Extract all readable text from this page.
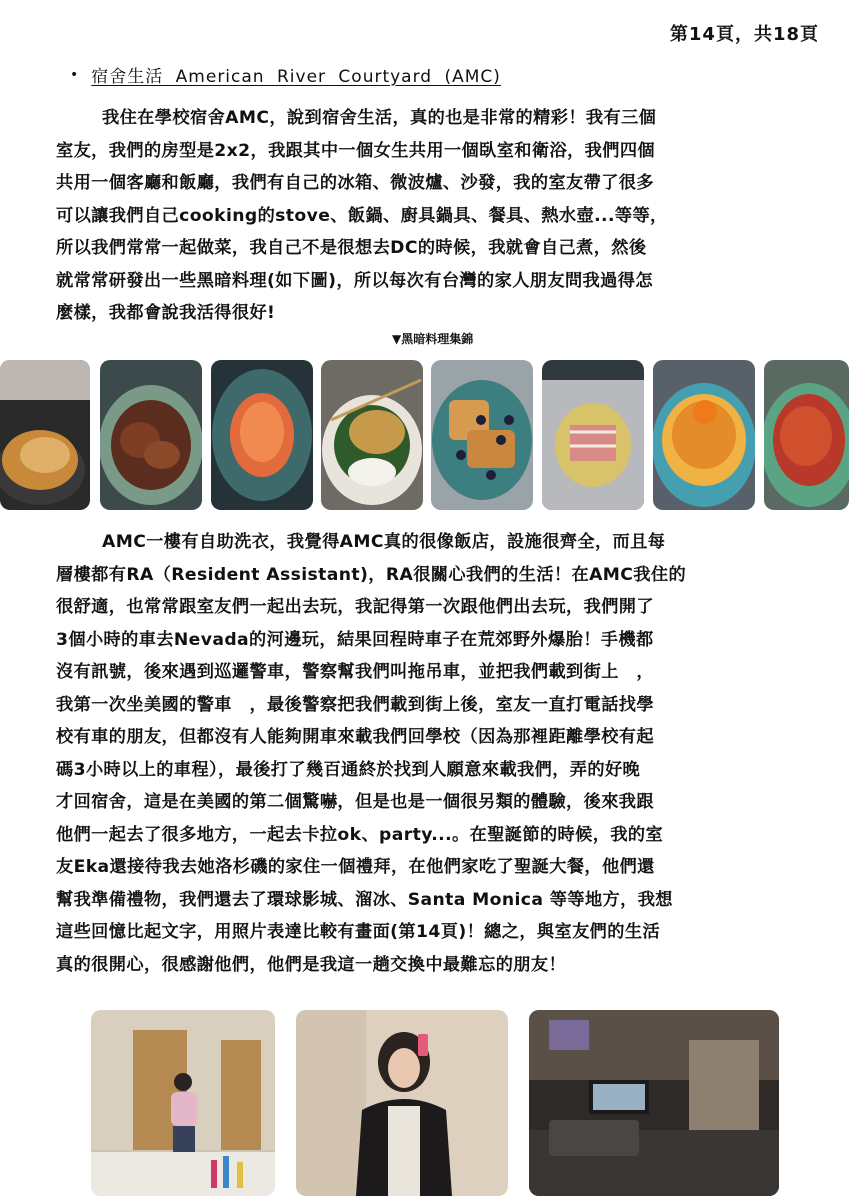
第14頁，共18頁
• 宿舍生活 American River Courtyard (AMC)
我住在學校宿舍AMC，說到宿舍生活，真的也是非常的精彩！我有三個
室友，我們的房型是2x2，我跟其中一個女生共用一個臥室和衛浴，我們四個
共用一個客廳和飯廳，我們有自己的冰箱、微波爐、沙發，我的室友帶了很多
可以讓我們自己cooking的stove、飯鍋、廚具鍋具、餐具、熱水壺...等等，
所以我們常常一起做菜，我自己不是很想去DC的時候，我就會自己煮，然後
就常常研發出一些黑暗料理(如下圖)，所以每次有台灣的家人朋友問我過得怎
麼樣，我都會說我活得很好!
▼黑暗料理集錦
AMC一樓有自助洗衣，我覺得AMC真的很像飯店，設施很齊全，而且每
層樓都有RA（Resident Assistant)，RA很關心我們的生活！在AMC我住的
很舒適，也常常跟室友們一起出去玩，我記得第一次跟他們出去玩，我們開了
3個小時的車去Nevada的河邊玩，結果回程時車子在荒郊野外爆胎！手機都
沒有訊號，後來遇到巡邏警車，警察幫我們叫拖吊車，並把我們載到街上　，
我第一次坐美國的警車　，最後警察把我們載到街上後，室友一直打電話找學
校有車的朋友，但都沒有人能夠開車來載我們回學校（因為那裡距離學校有起
碼3小時以上的車程），最後打了幾百通終於找到人願意來載我們，弄的好晚
才回宿舍，這是在美國的第二個驚嚇，但是也是一個很另類的體驗，後來我跟
他們一起去了很多地方，一起去卡拉ok、party...。在聖誕節的時候，我的室
友Eka還接待我去她洛杉磯的家住一個禮拜，在他們家吃了聖誕大餐，他們還
幫我準備禮物，我們還去了環球影城、溜冰、Santa Monica 等等地方，我想
這些回憶比起文字，用照片表達比較有畫面(第14頁)！總之，與室友們的生活
真的很開心，很感謝他們，他們是我這一趟交換中最難忘的朋友！
